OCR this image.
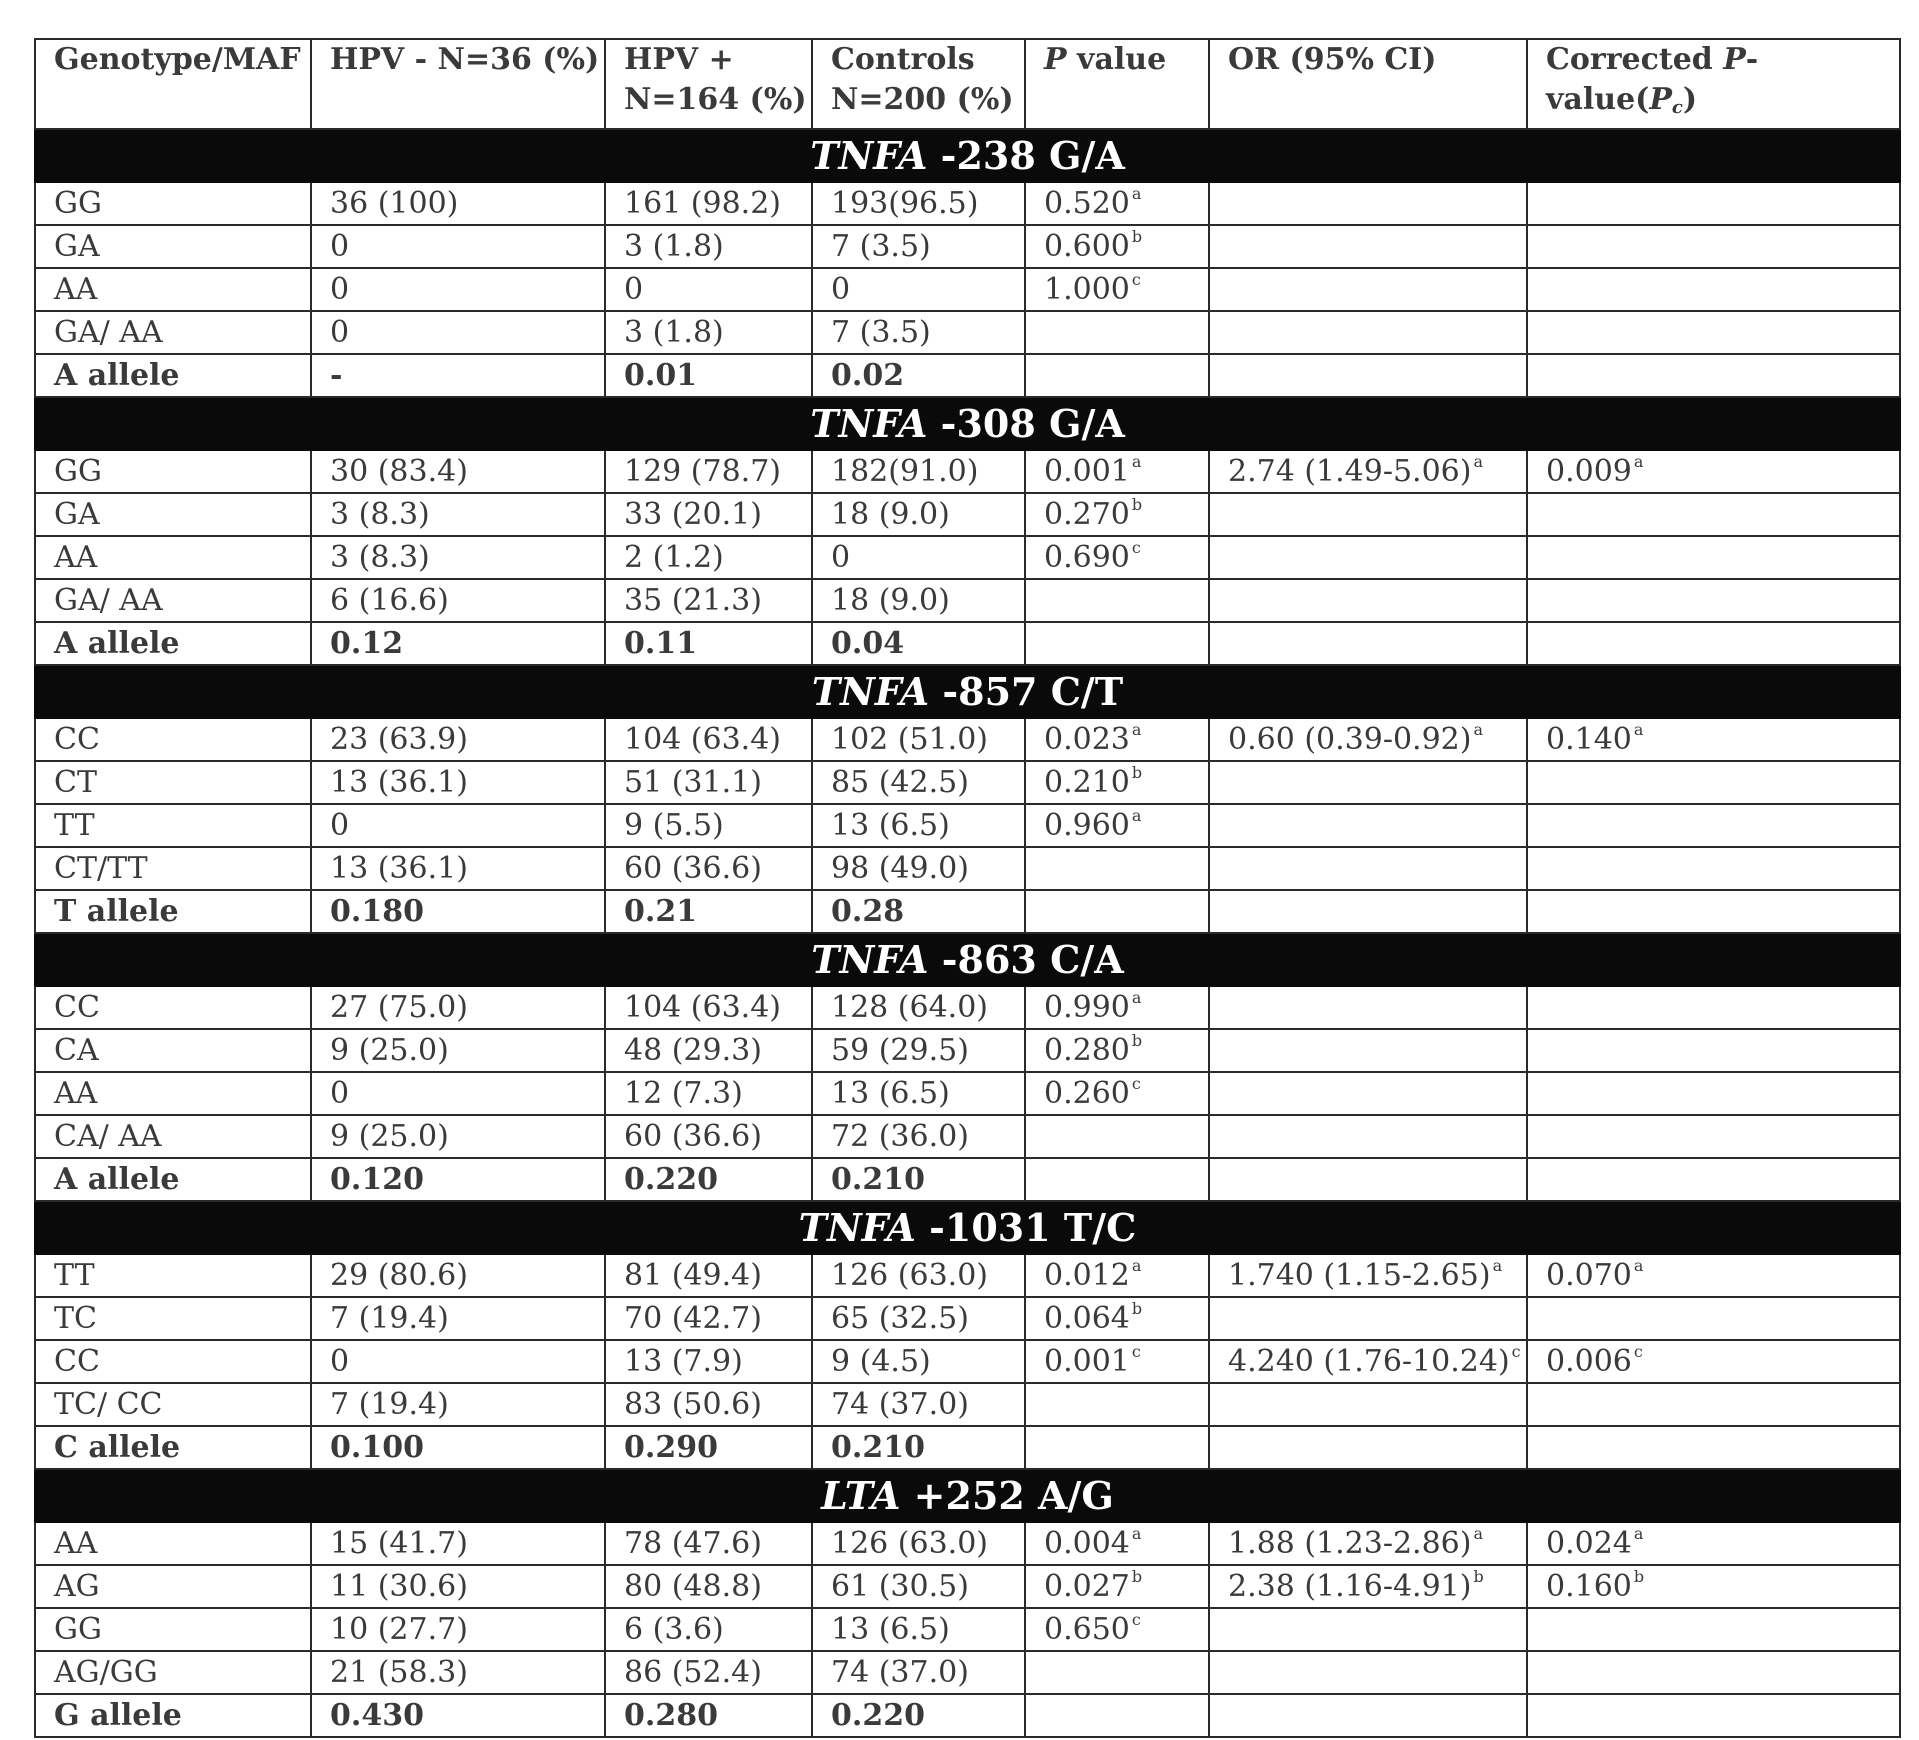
Genotype/MAF	HPV - N=36 (%)	HPV + N=164 (%)	Controls N=200 (%)	P value	OR (95% CI)	Corrected P-value(Pc)
TNFA -238 G/A						
GG	36 (100)	161 (98.2)	193(96.5)	0.520 $^a$		
GA	0	3 (1.8)	7 (3.5)	0.600 $^b$		
AA	0	0	0	1.000 $^c$		
GA/ AA	0	3 (1.8)	7 (3.5)			
A allele	-	0.01	0.02			
TNFA -308 G/A						
GG	30 (83.4)	129 (78.7)	182(91.0)	0.001 $^a$	2.74 (1.49-5.06) $^a$	0.009 $^a$
GA	3 (8.3)	33 (20.1)	18 (9.0)	0.270 $^b$		
AA	3 (8.3)	2 (1.2)	0	0.690 $^c$		
GA/ AA	6 (16.6)	35 (21.3)	18 (9.0)			
A allele	0.12	0.11	0.04			
TNFA -857 C/T						
CC	23 (63.9)	104 (63.4)	102 (51.0)	0.023 $^a$	0.60 (0.39-0.92) $^a$	0.140 $^a$
CT	13 (36.1)	51 (31.1)	85 (42.5)	0.210 $^b$		
TT	0	9 (5.5)	13 (6.5)	0.960 $^a$		
CT/TT	13 (36.1)	60 (36.6)	98 (49.0)			
T allele	0.180	0.21	0.28			
TNFA -863 C/A						
CC	27 (75.0)	104 (63.4)	128 (64.0)	0.990 $^a$		
CA	9 (25.0)	48 (29.3)	59 (29.5)	0.280 $^b$		
AA	0	12 (7.3)	13 (6.5)	0.260 $^c$		
CA/ AA	9 (25.0)	60 (36.6)	72 (36.0)			
A allele	0.120	0.220	0.210			
TNFA -1031 T/C						
TT	29 (80.6)	81 (49.4)	126 (63.0)	0.012 $^a$	1.740 (1.15-2.65) $^a$	0.070 $^a$
TC	7 (19.4)	70 (42.7)	65 (32.5)	0.064 $^b$		
CC	0	13 (7.9)	9 (4.5)	0.001 $^c$	4.240 (1.76-10.24) $^c$	0.006 $^c$
TC/ CC	7 (19.4)	83 (50.6)	74 (37.0)			
C allele	0.100	0.290	0.210			
LTA +252 A/G						
AA	15 (41.7)	78 (47.6)	126 (63.0)	0.004 $^a$	1.88 (1.23-2.86) $^a$	0.024 $^a$
AG	11 (30.6)	80 (48.8)	61 (30.5)	0.027 $^b$	2.38 (1.16-4.91) $^b$	0.160 $^b$
GG	10 (27.7)	6 (3.6)	13 (6.5)	0.650 $^c$		
AG/GG	21 (58.3)	86 (52.4)	74 (37.0)			
G allele	0.430	0.280	0.220			
